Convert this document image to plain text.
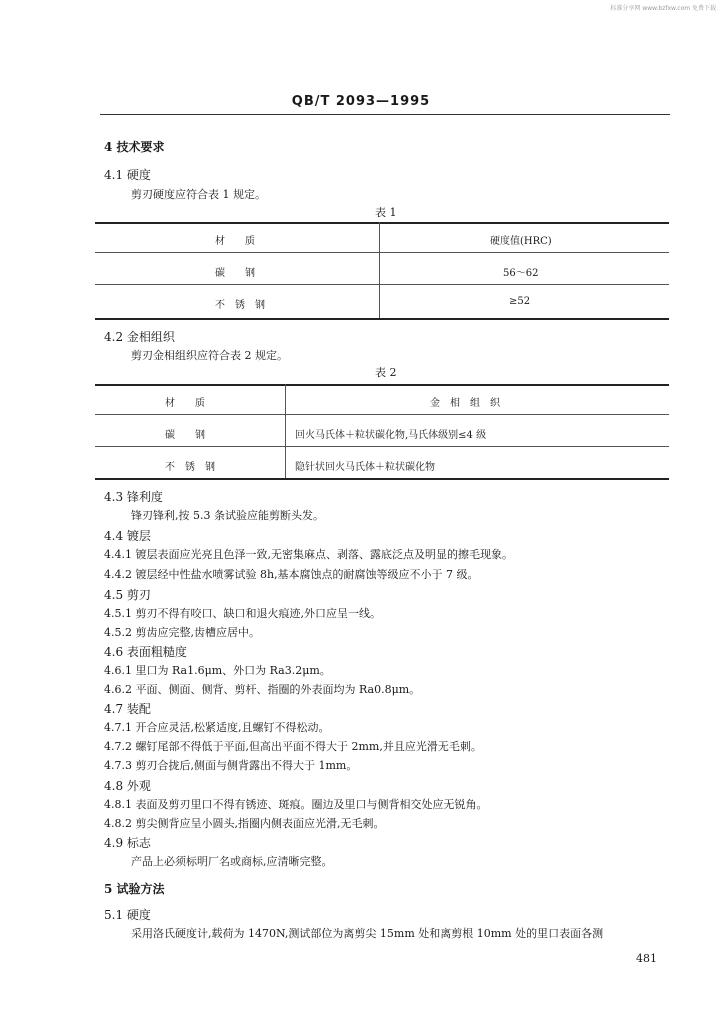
标准分享网 www.bzfxw.com 免费下载
QB/T 2093—1995
4 技术要求
4.1 硬度
剪刃硬度应符合表 1 规定。
表 1
材　　质	硬度值(HRC)
碳　　钢	56～62
不　锈　钢	≥52
4.2 金相组织
剪刃金相组织应符合表 2 规定。
表 2
材　　质	金　相　组　织
碳　　钢	回火马氏体＋粒状碳化物,马氏体级别≤4 级
不　锈　钢	隐针状回火马氏体＋粒状碳化物
4.3 锋利度
锋刃锋利,按 5.3 条试验应能剪断头发。
4.4 镀层
4.4.1 镀层表面应光亮且色泽一致,无密集麻点、剥落、露底泛点及明显的擦毛现象。
4.4.2 镀层经中性盐水喷雾试验 8h,基本腐蚀点的耐腐蚀等级应不小于 7 级。
4.5 剪刃
4.5.1 剪刃不得有咬口、缺口和退火痕迹,外口应呈一线。
4.5.2 剪齿应完整,齿槽应居中。
4.6 表面粗糙度
4.6.1 里口为 Ra1.6μm、外口为 Ra3.2μm。
4.6.2 平面、侧面、侧背、剪杆、指圈的外表面均为 Ra0.8μm。
4.7 装配
4.7.1 开合应灵活,松紧适度,且螺钉不得松动。
4.7.2 螺钉尾部不得低于平面,但高出平面不得大于 2mm,并且应光滑无毛刺。
4.7.3 剪刃合拢后,侧面与侧背露出不得大于 1mm。
4.8 外观
4.8.1 表面及剪刃里口不得有锈迹、斑痕。圈边及里口与侧背相交处应无锐角。
4.8.2 剪尖侧背应呈小圆头,指圈内侧表面应光滑,无毛刺。
4.9 标志
产品上必须标明厂名或商标,应清晰完整。
5 试验方法
5.1 硬度
采用洛氏硬度计,载荷为 1470N,测试部位为离剪尖 15mm 处和离剪根 10mm 处的里口表面各测
481
